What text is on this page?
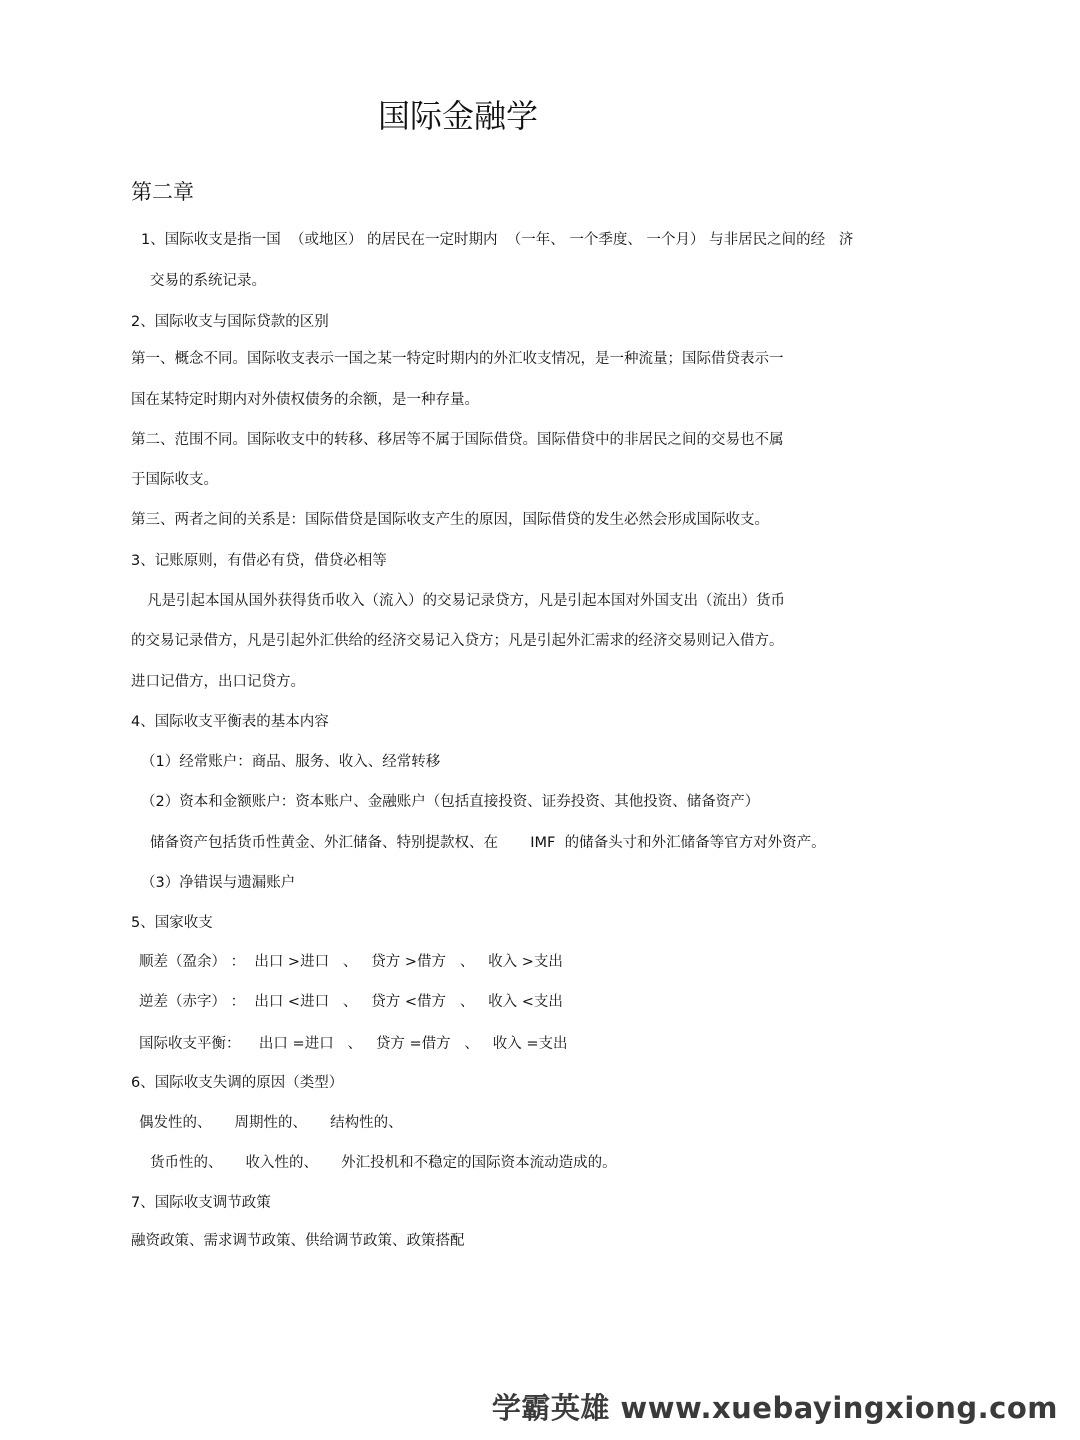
国际金融学
第二章
1、国际收支是指一国  （或地区） 的居民在一定时期内  （一年、 一个季度、 一个月） 与非居民之间的经   济
交易的系统记录。
2、国际收支与国际贷款的区别
第一、概念不同。国际收支表示一国之某一特定时期内的外汇收支情况，是一种流量；国际借贷表示一
国在某特定时期内对外债权债务的余额，是一种存量。
第二、范围不同。国际收支中的转移、移居等不属于国际借贷。国际借贷中的非居民之间的交易也不属
于国际收支。
第三、两者之间的关系是：国际借贷是国际收支产生的原因，国际借贷的发生必然会形成国际收支。
3、记账原则，有借必有贷，借贷必相等
凡是引起本国从国外获得货币收入（流入）的交易记录贷方，凡是引起本国对外国支出（流出）货币
的交易记录借方，凡是引起外汇供给的经济交易记入贷方；凡是引起外汇需求的经济交易则记入借方。
进口记借方，出口记贷方。
4、国际收支平衡表的基本内容
（1）经常账户：商品、服务、收入、经常转移
（2）资本和金额账户：资本账户、金融账户（包括直接投资、证券投资、其他投资、储备资产）
储备资产包括货币性黄金、外汇储备、特别提款权、在       IMF  的储备头寸和外汇储备等官方对外资产。
（3）净错误与遗漏账户
5、国家收支
顺差（盈余） ：  出口 >进口   、   贷方 >借方   、   收入 >支出
逆差（赤字） ：  出口 <进口   、   贷方 <借方   、   收入 <支出
国际收支平衡：    出口 =进口   、   贷方 =借方   、   收入 =支出
6、国际收支失调的原因（类型）
偶发性的、     周期性的、     结构性的、
货币性的、     收入性的、     外汇投机和不稳定的国际资本流动造成的。
7、国际收支调节政策
融资政策、需求调节政策、供给调节政策、政策搭配
学霸英雄 www.xuebayingxiong.com
